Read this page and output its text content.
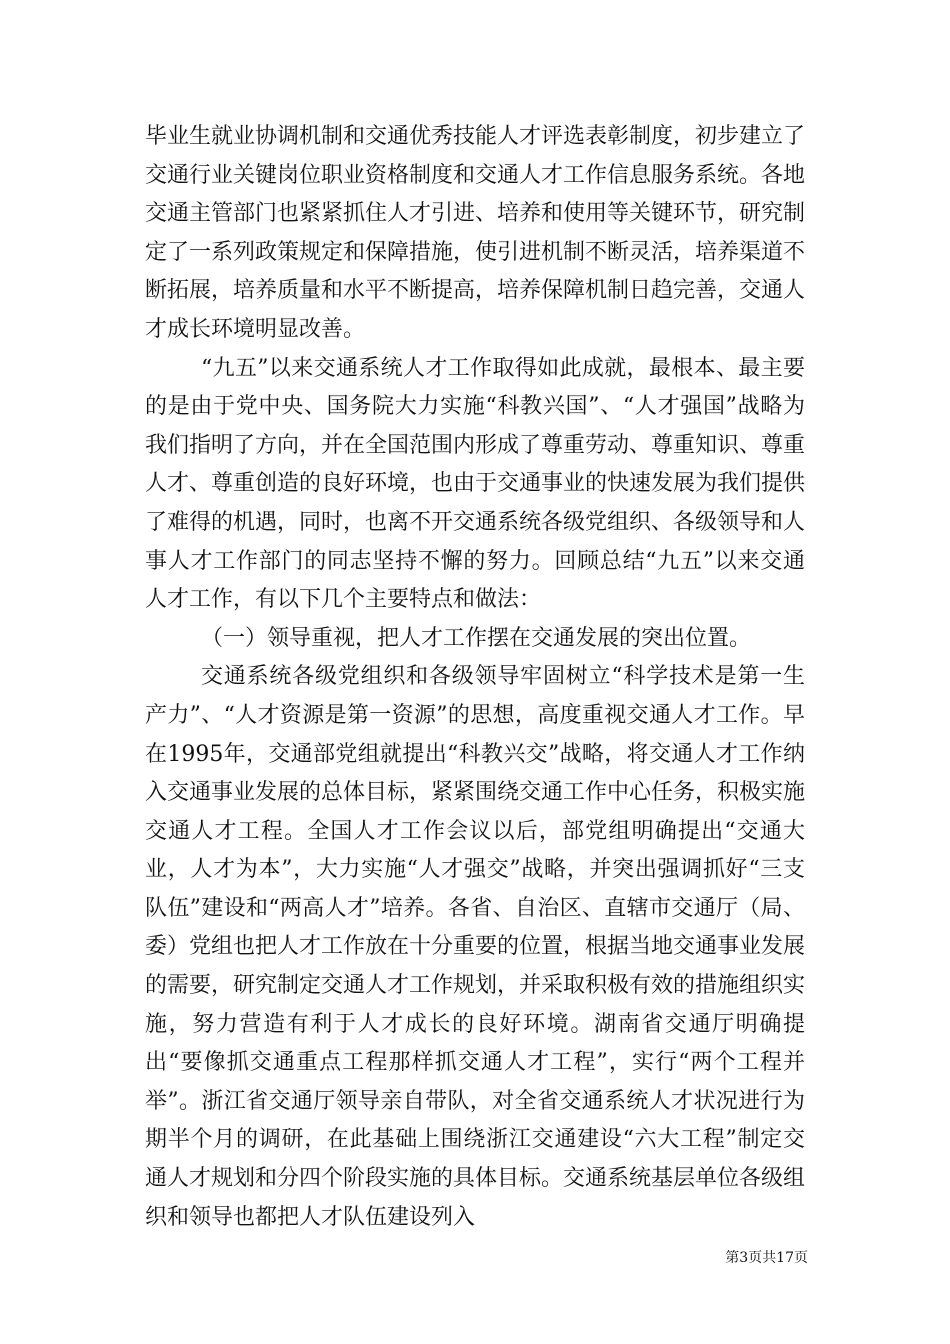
毕业生就业协调机制和交通优秀技能人才评选表彰制度，初步建立了交通行业关键岗位职业资格制度和交通人才工作信息服务系统。各地交通主管部门也紧紧抓住人才引进、培养和使用等关键环节，研究制定了一系列政策规定和保障措施，使引进机制不断灵活，培养渠道不断拓展，培养质量和水平不断提高，培养保障机制日趋完善，交通人才成长环境明显改善。

“九五”以来交通系统人才工作取得如此成就，最根本、最主要的是由于党中央、国务院大力实施“科教兴国”、“人才强国”战略为我们指明了方向，并在全国范围内形成了尊重劳动、尊重知识、尊重人才、尊重创造的良好环境，也由于交通事业的快速发展为我们提供了难得的机遇，同时，也离不开交通系统各级党组织、各级领导和人事人才工作部门的同志坚持不懈的努力。回顾总结“九五”以来交通人才工作，有以下几个主要特点和做法：

（一）领导重视，把人才工作摆在交通发展的突出位置。

交通系统各级党组织和各级领导牢固树立“科学技术是第一生产力”、“人才资源是第一资源”的思想，高度重视交通人才工作。早在1995年，交通部党组就提出“科教兴交”战略，将交通人才工作纳入交通事业发展的总体目标，紧紧围绕交通工作中心任务，积极实施交通人才工程。全国人才工作会议以后，部党组明确提出“交通大业，人才为本”，大力实施“人才强交”战略，并突出强调抓好“三支队伍”建设和“两高人才”培养。各省、自治区、直辖市交通厅（局、委）党组也把人才工作放在十分重要的位置，根据当地交通事业发展的需要，研究制定交通人才工作规划，并采取积极有效的措施组织实施，努力营造有利于人才成长的良好环境。湖南省交通厅明确提出“要像抓交通重点工程那样抓交通人才工程”，实行“两个工程并举”。浙江省交通厅领导亲自带队，对全省交通系统人才状况进行为期半个月的调研，在此基础上围绕浙江交通建设“六大工程”制定交通人才规划和分四个阶段实施的具体目标。交通系统基层单位各级组织和领导也都把人才队伍建设列入

第3页共17页
